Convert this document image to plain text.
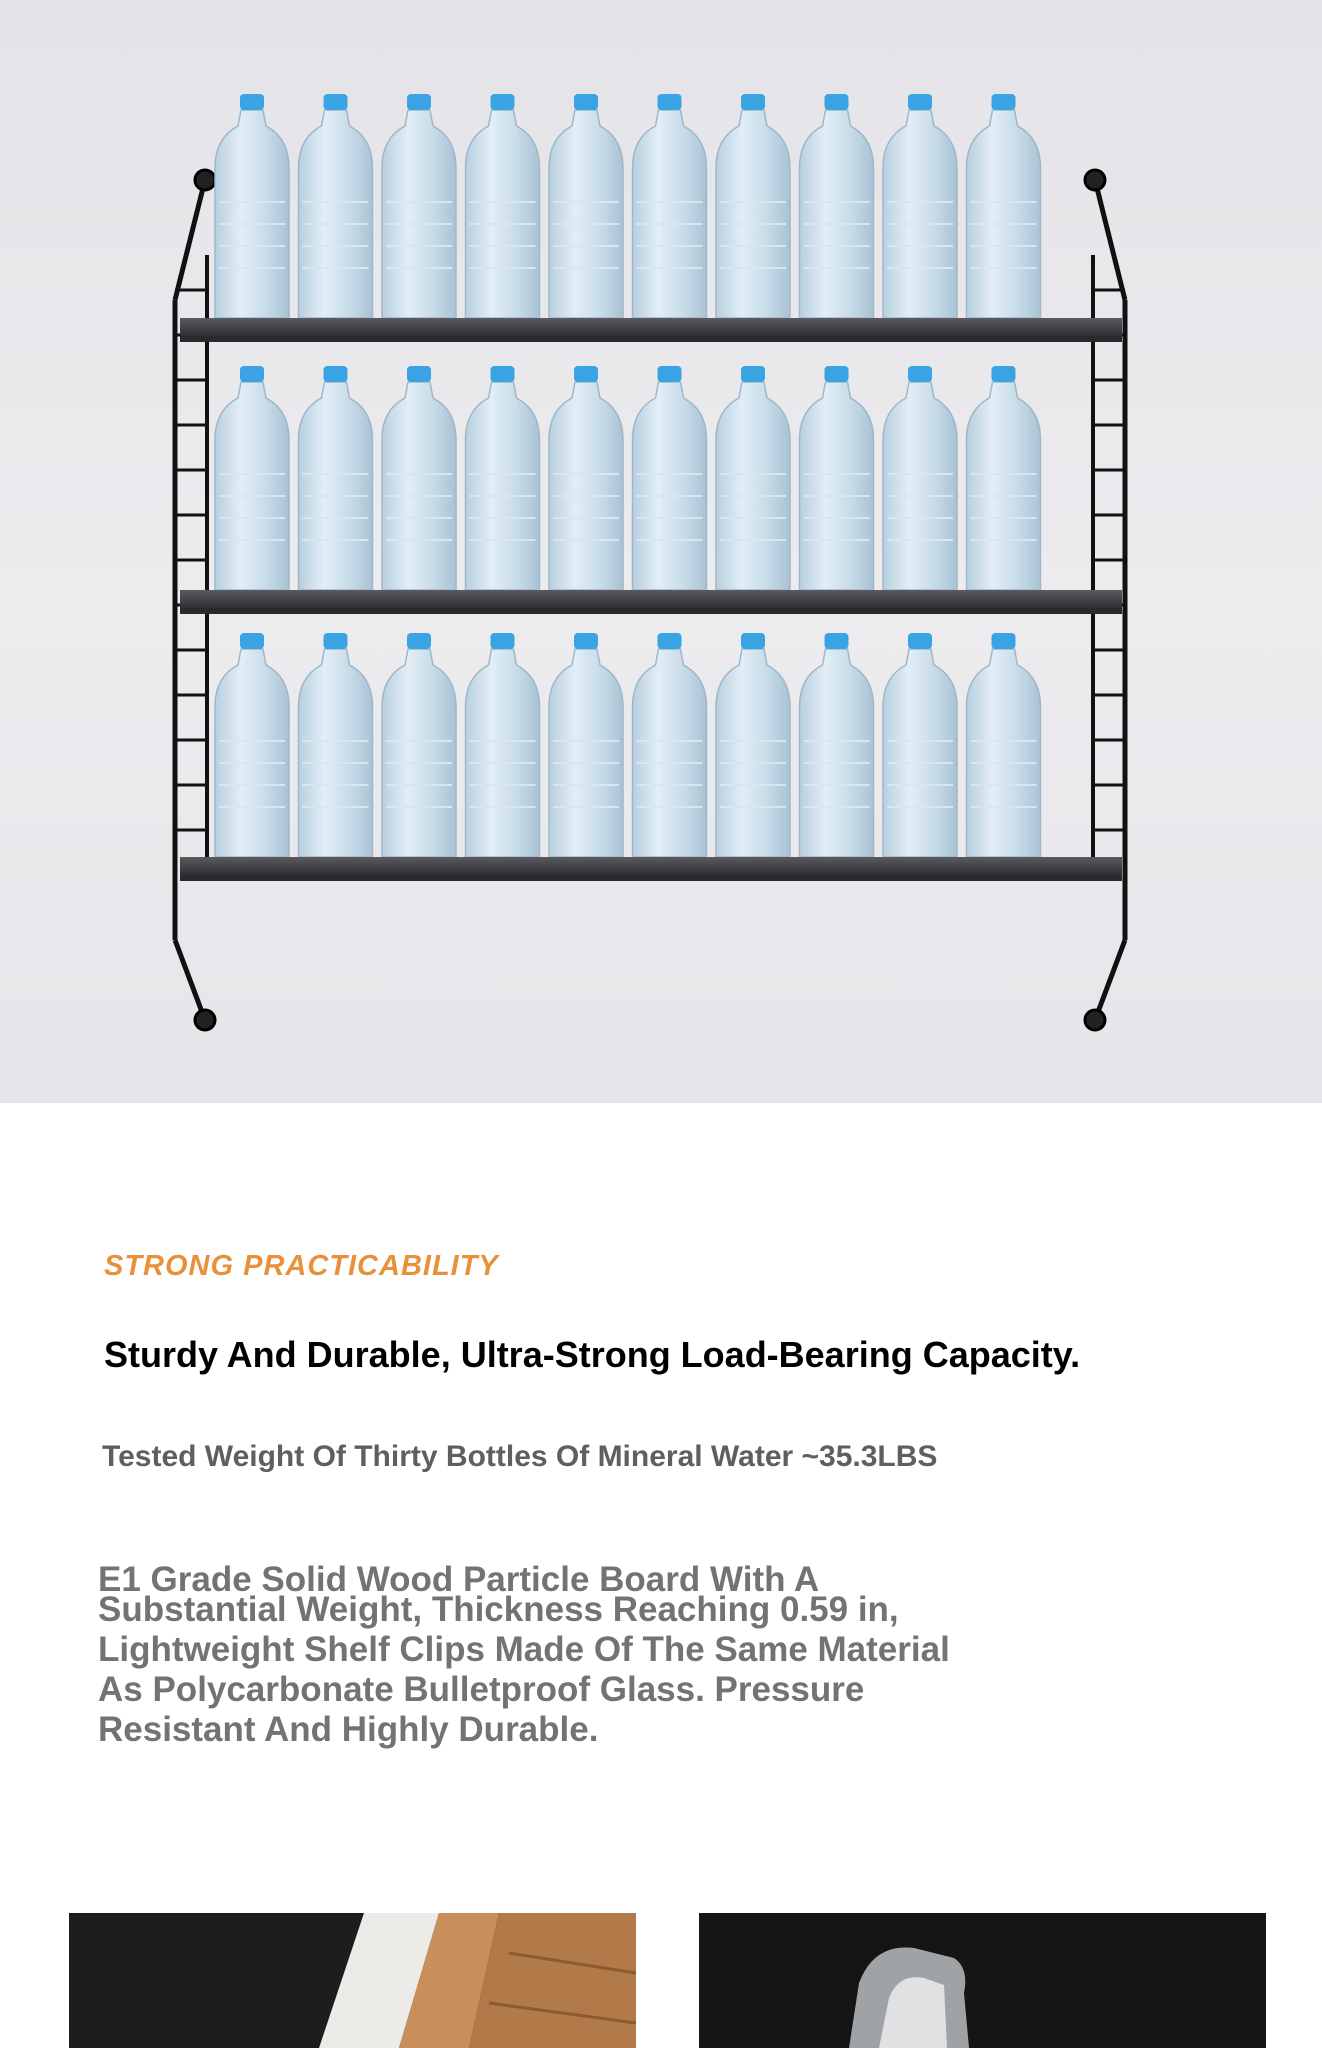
STRONG PRACTICABILITY
Sturdy And Durable, Ultra-Strong Load-Bearing Capacity.
Tested Weight Of Thirty Bottles Of Mineral Water ~35.3LBS
E1 Grade Solid Wood Particle Board With A
Substantial Weight, Thickness Reaching 0.59 in, Lightweight Shelf Clips Made Of The Same Material As Polycarbonate Bulletproof Glass. Pressure Resistant And Highly Durable.
